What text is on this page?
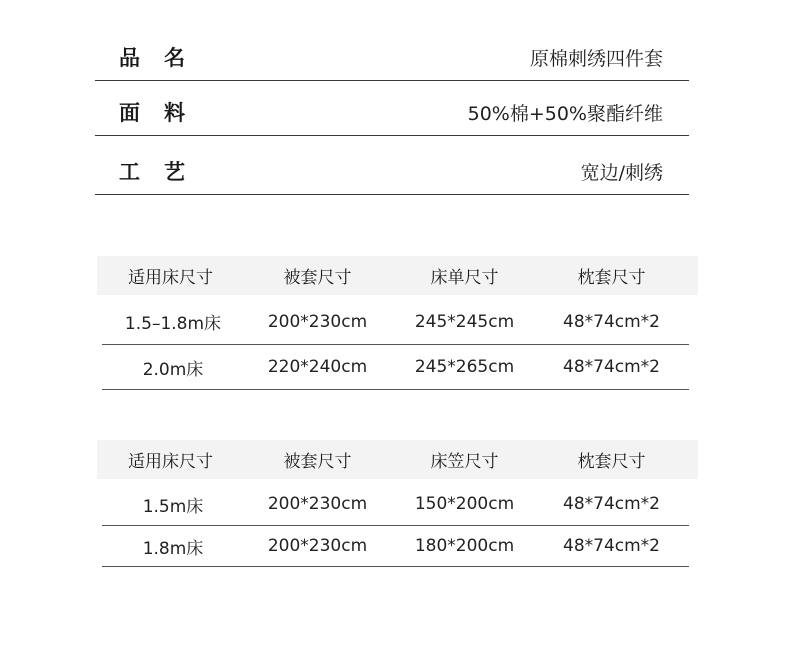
品名	原棉刺绣四件套
面料	50%棉+50%聚酯纤维
工艺	宽边/刺绣
适用床尺寸	被套尺寸	床单尺寸	枕套尺寸
1.5–1.8m床	200*230cm	245*245cm	48*74cm*2
2.0m床	220*240cm	245*265cm	48*74cm*2
适用床尺寸	被套尺寸	床笠尺寸	枕套尺寸
1.5m床	200*230cm	150*200cm	48*74cm*2
1.8m床	200*230cm	180*200cm	48*74cm*2
